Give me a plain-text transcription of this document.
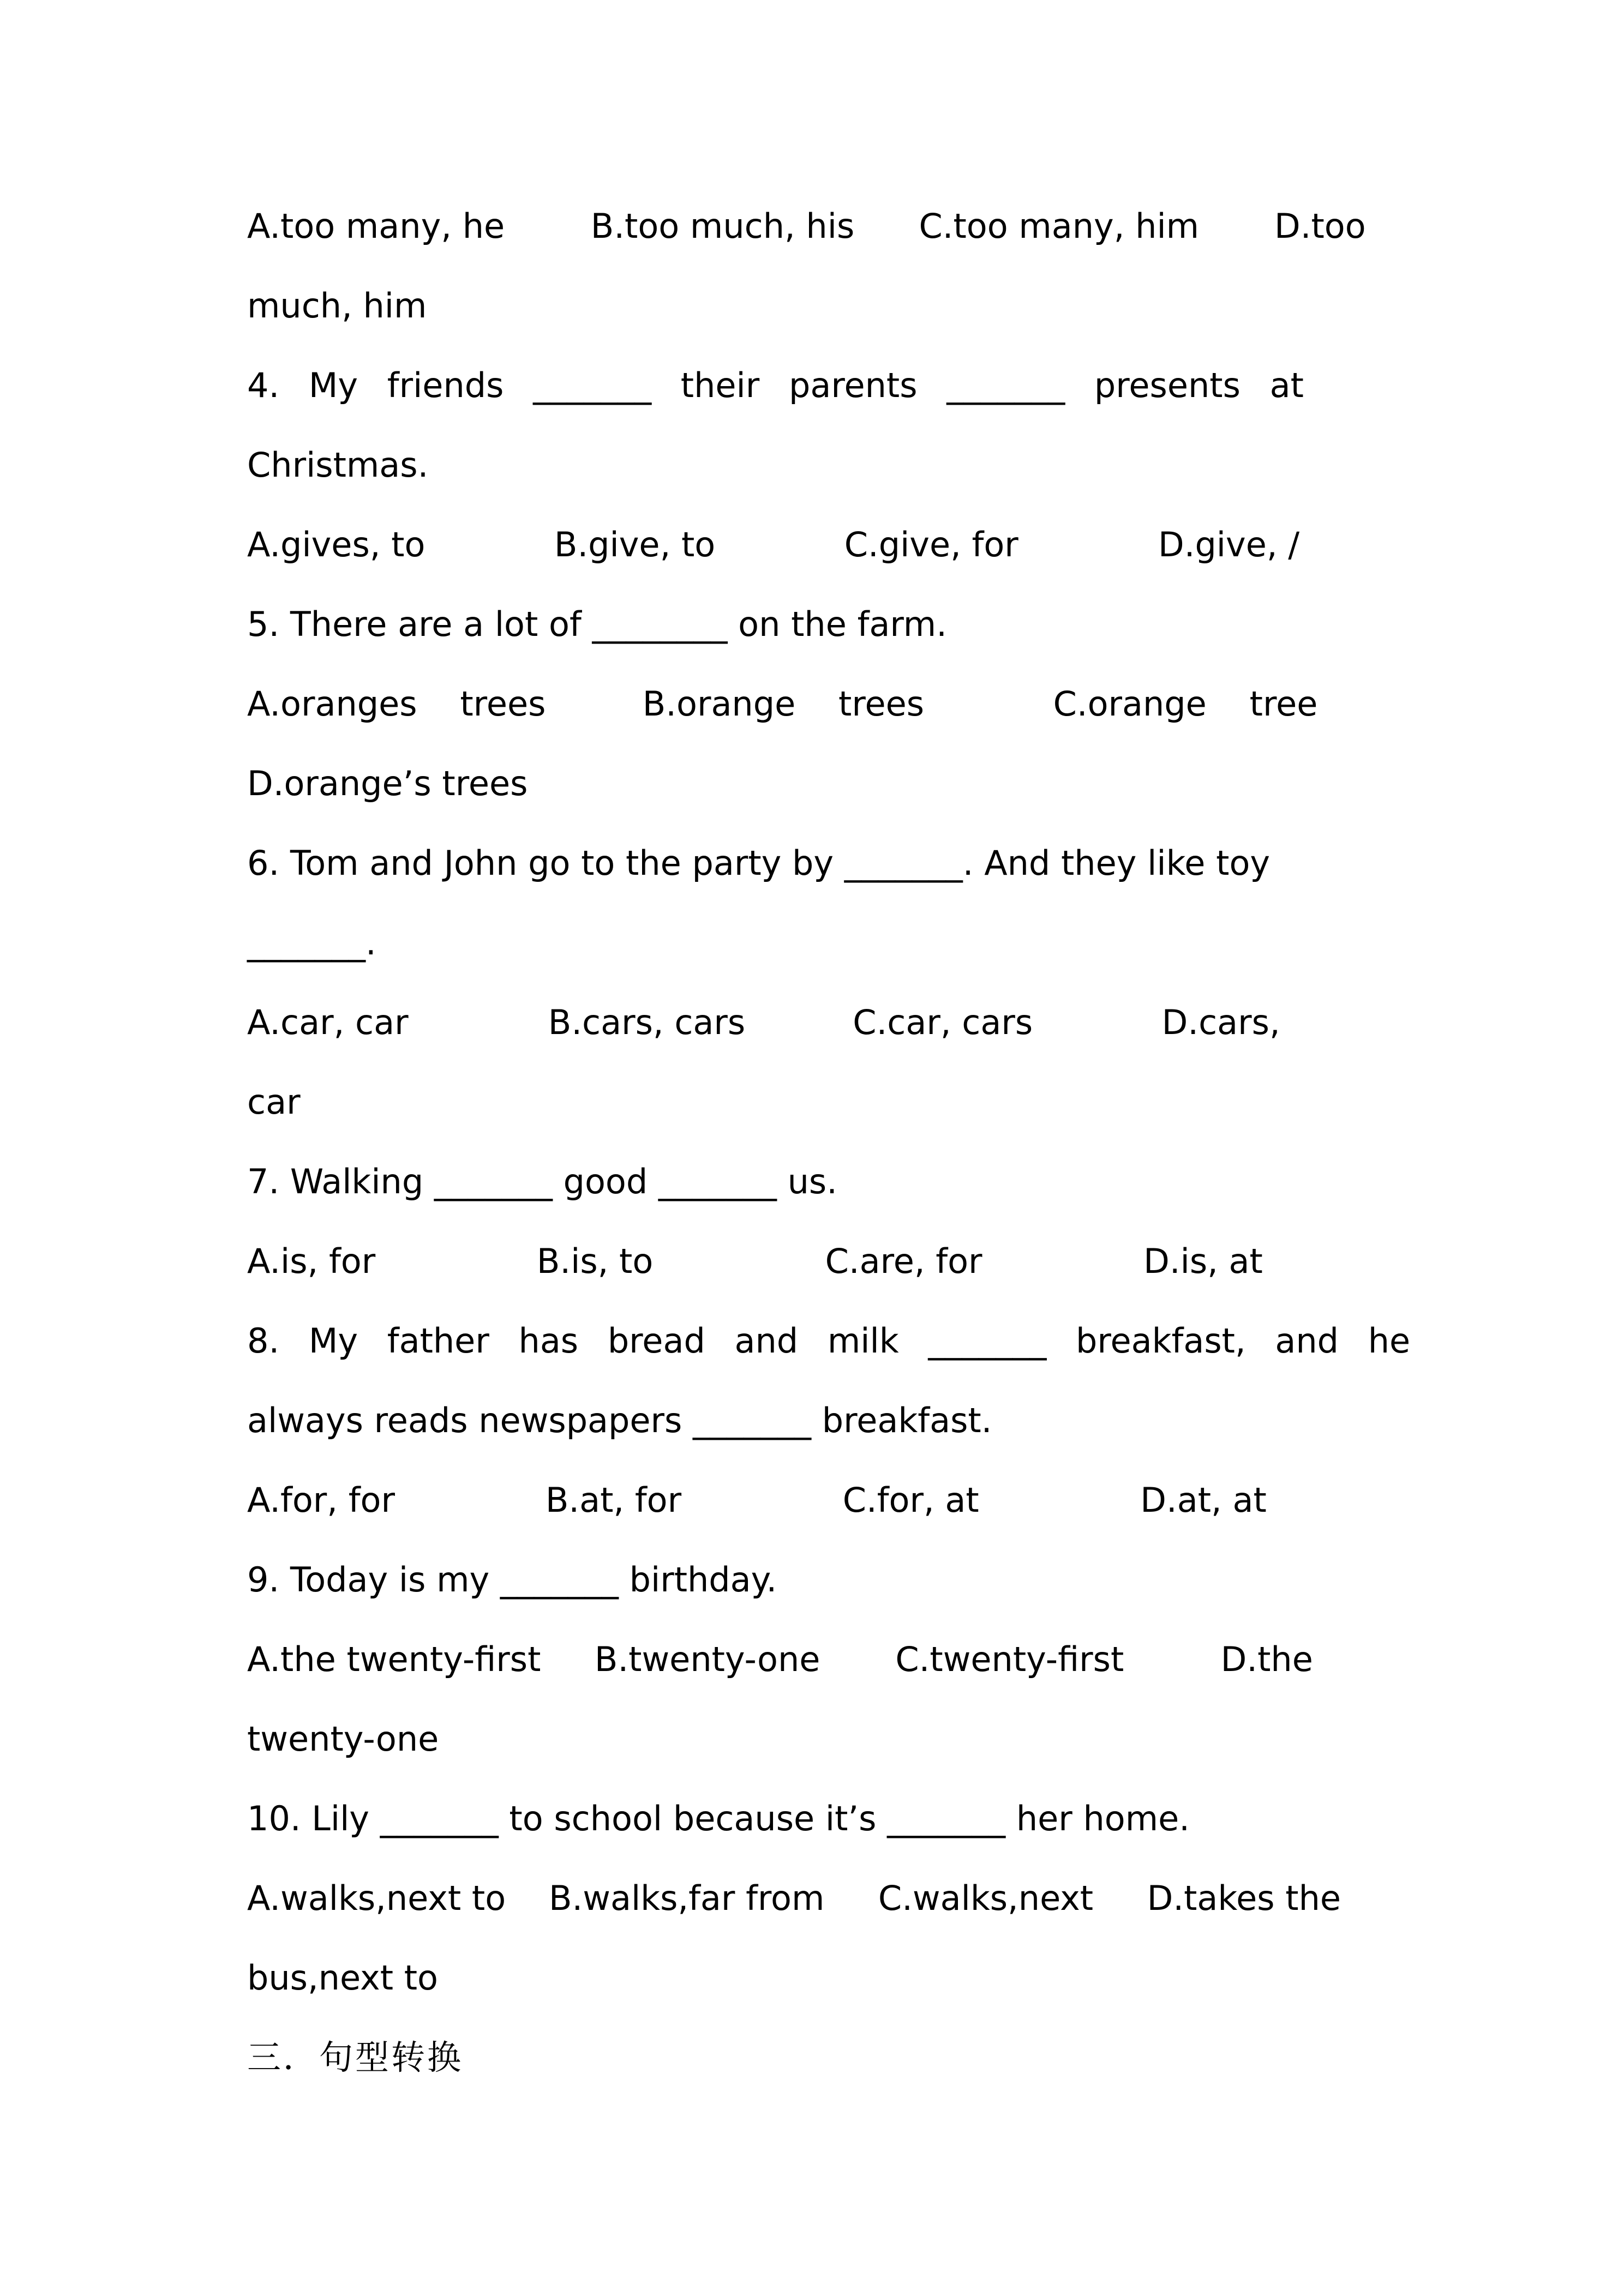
A.too many, he        B.too much, his      C.too many, him       D.too
much, him
4. My friends _______ their parents _______ presents at
Christmas.
A.gives, to            B.give, to            C.give, for             D.give, /
5. There are a lot of ________ on the farm.
A.oranges    trees         B.orange    trees            C.orange    tree
D.orange’s trees
6. Tom and John go to the party by _______. And they like toy
_______.
A.car, car             B.cars, cars          C.car, cars            D.cars,
car
7. Walking _______ good _______ us.
A.is, for               B.is, to                C.are, for               D.is, at
8. My father has bread and milk _______ breakfast, and he
always reads newspapers _______ breakfast.
A.for, for              B.at, for               C.for, at               D.at, at
9. Today is my _______ birthday.
A.the twenty-first     B.twenty-one       C.twenty-first         D.the
twenty-one
10. Lily _______ to school because it’s _______ her home.
A.walks,next to    B.walks,far from     C.walks,next     D.takes the
bus,next to
三．句型转换
